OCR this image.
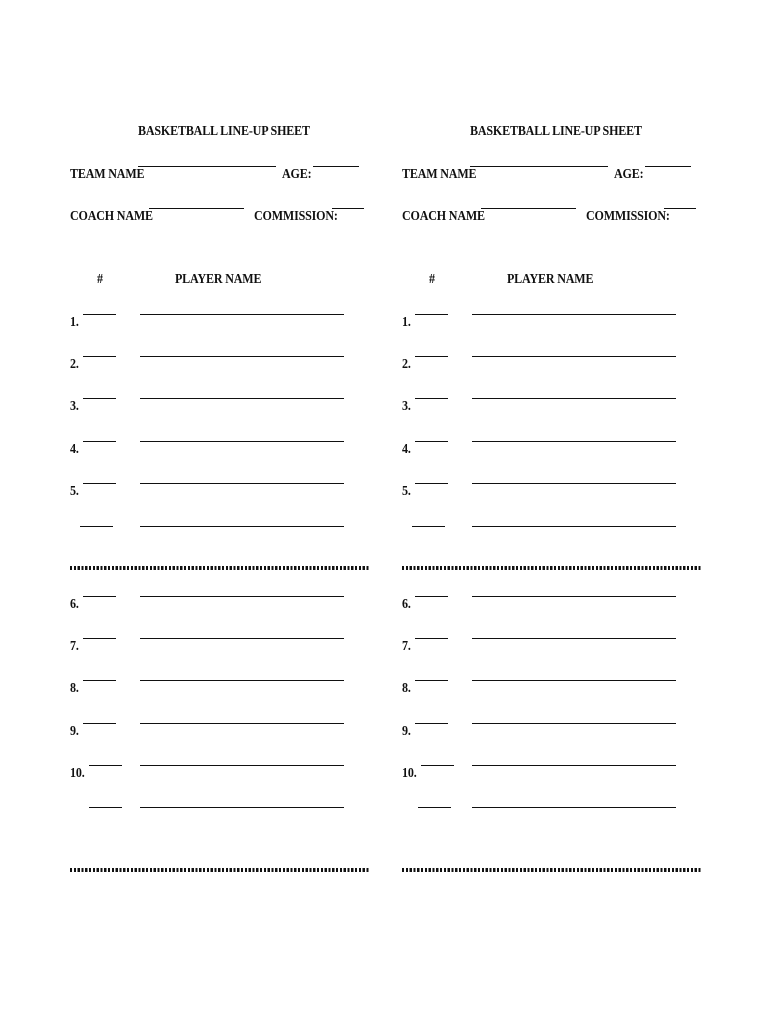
BASKETBALL LINE-UP SHEET
TEAM NAME	AGE:
COACH NAME	COMMISSION:
#	PLAYER NAME
1.
2.
3.
4.
5.
6.
7.
8.
9.
10.
BASKETBALL LINE-UP SHEET
TEAM NAME	AGE:
COACH NAME	COMMISSION:
#	PLAYER NAME
1.
2.
3.
4.
5.
6.
7.
8.
9.
10.
